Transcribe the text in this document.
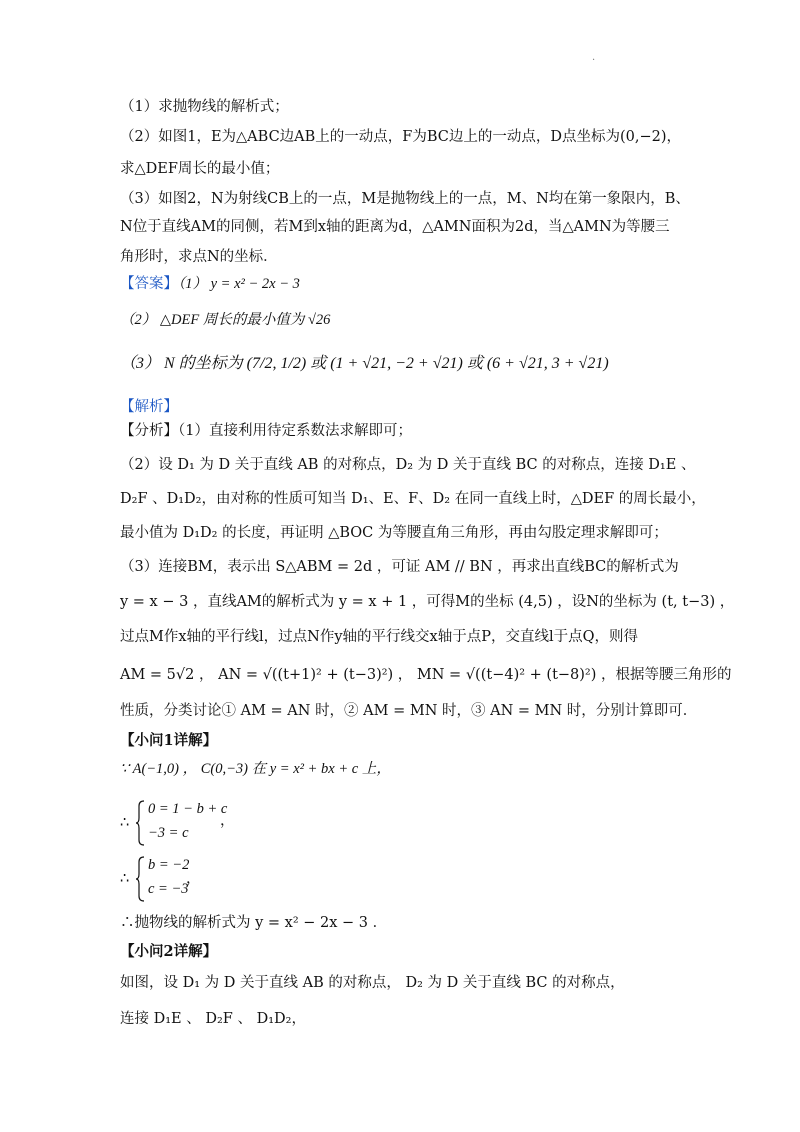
.
（1）求抛物线的解析式；
（2）如图1，E为△ABC边AB上的一动点，F为BC边上的一动点，D点坐标为(0,−2)，
求△DEF周长的最小值；
（3）如图2，N为射线CB上的一点，M是抛物线上的一点，M、N均在第一象限内，B、
N位于直线AM的同侧，若M到x轴的距离为d，△AMN面积为2d，当△AMN为等腰三
角形时，求点N的坐标．
【答案】（1） y = x² − 2x − 3
（2） △DEF 周长的最小值为 √26
（3） N 的坐标为 (7/2, 1/2) 或 (1 + √21, −2 + √21) 或 (6 + √21, 3 + √21)
【解析】
【分析】（1）直接利用待定系数法求解即可；
（2）设 D₁ 为 D 关于直线 AB 的对称点，D₂ 为 D 关于直线 BC 的对称点，连接 D₁E 、
D₂F 、D₁D₂，由对称的性质可知当 D₁、E、F、D₂ 在同一直线上时，△DEF 的周长最小，
最小值为 D₁D₂ 的长度，再证明 △BOC 为等腰直角三角形，再由勾股定理求解即可；
（3）连接BM，表示出 S△ABM = 2d ，可证 AM // BN ，再求出直线BC的解析式为
y = x − 3 ，直线AM的解析式为 y = x + 1 ，可得M的坐标 (4,5) ，设N的坐标为 (t, t−3) ，
过点M作x轴的平行线l，过点N作y轴的平行线交x轴于点P，交直线l于点Q，则得
AM = 5√2 ， AN = √((t+1)² + (t−3)²) ， MN = √((t−4)² + (t−8)²) ，根据等腰三角形的
性质，分类讨论① AM = AN 时，② AM = MN 时，③ AN = MN 时，分别计算即可．
【小问1详解】
∵ A(−1,0) ， C(0,−3) 在 y = x² + bx + c 上，
∴
0 = 1 − b + c
−3 = c
，
∴
b = −2
c = −3
，
∴抛物线的解析式为 y = x² − 2x − 3 ．
【小问2详解】
如图，设 D₁ 为 D 关于直线 AB 的对称点， D₂ 为 D 关于直线 BC 的对称点，
连接 D₁E 、 D₂F 、 D₁D₂，
